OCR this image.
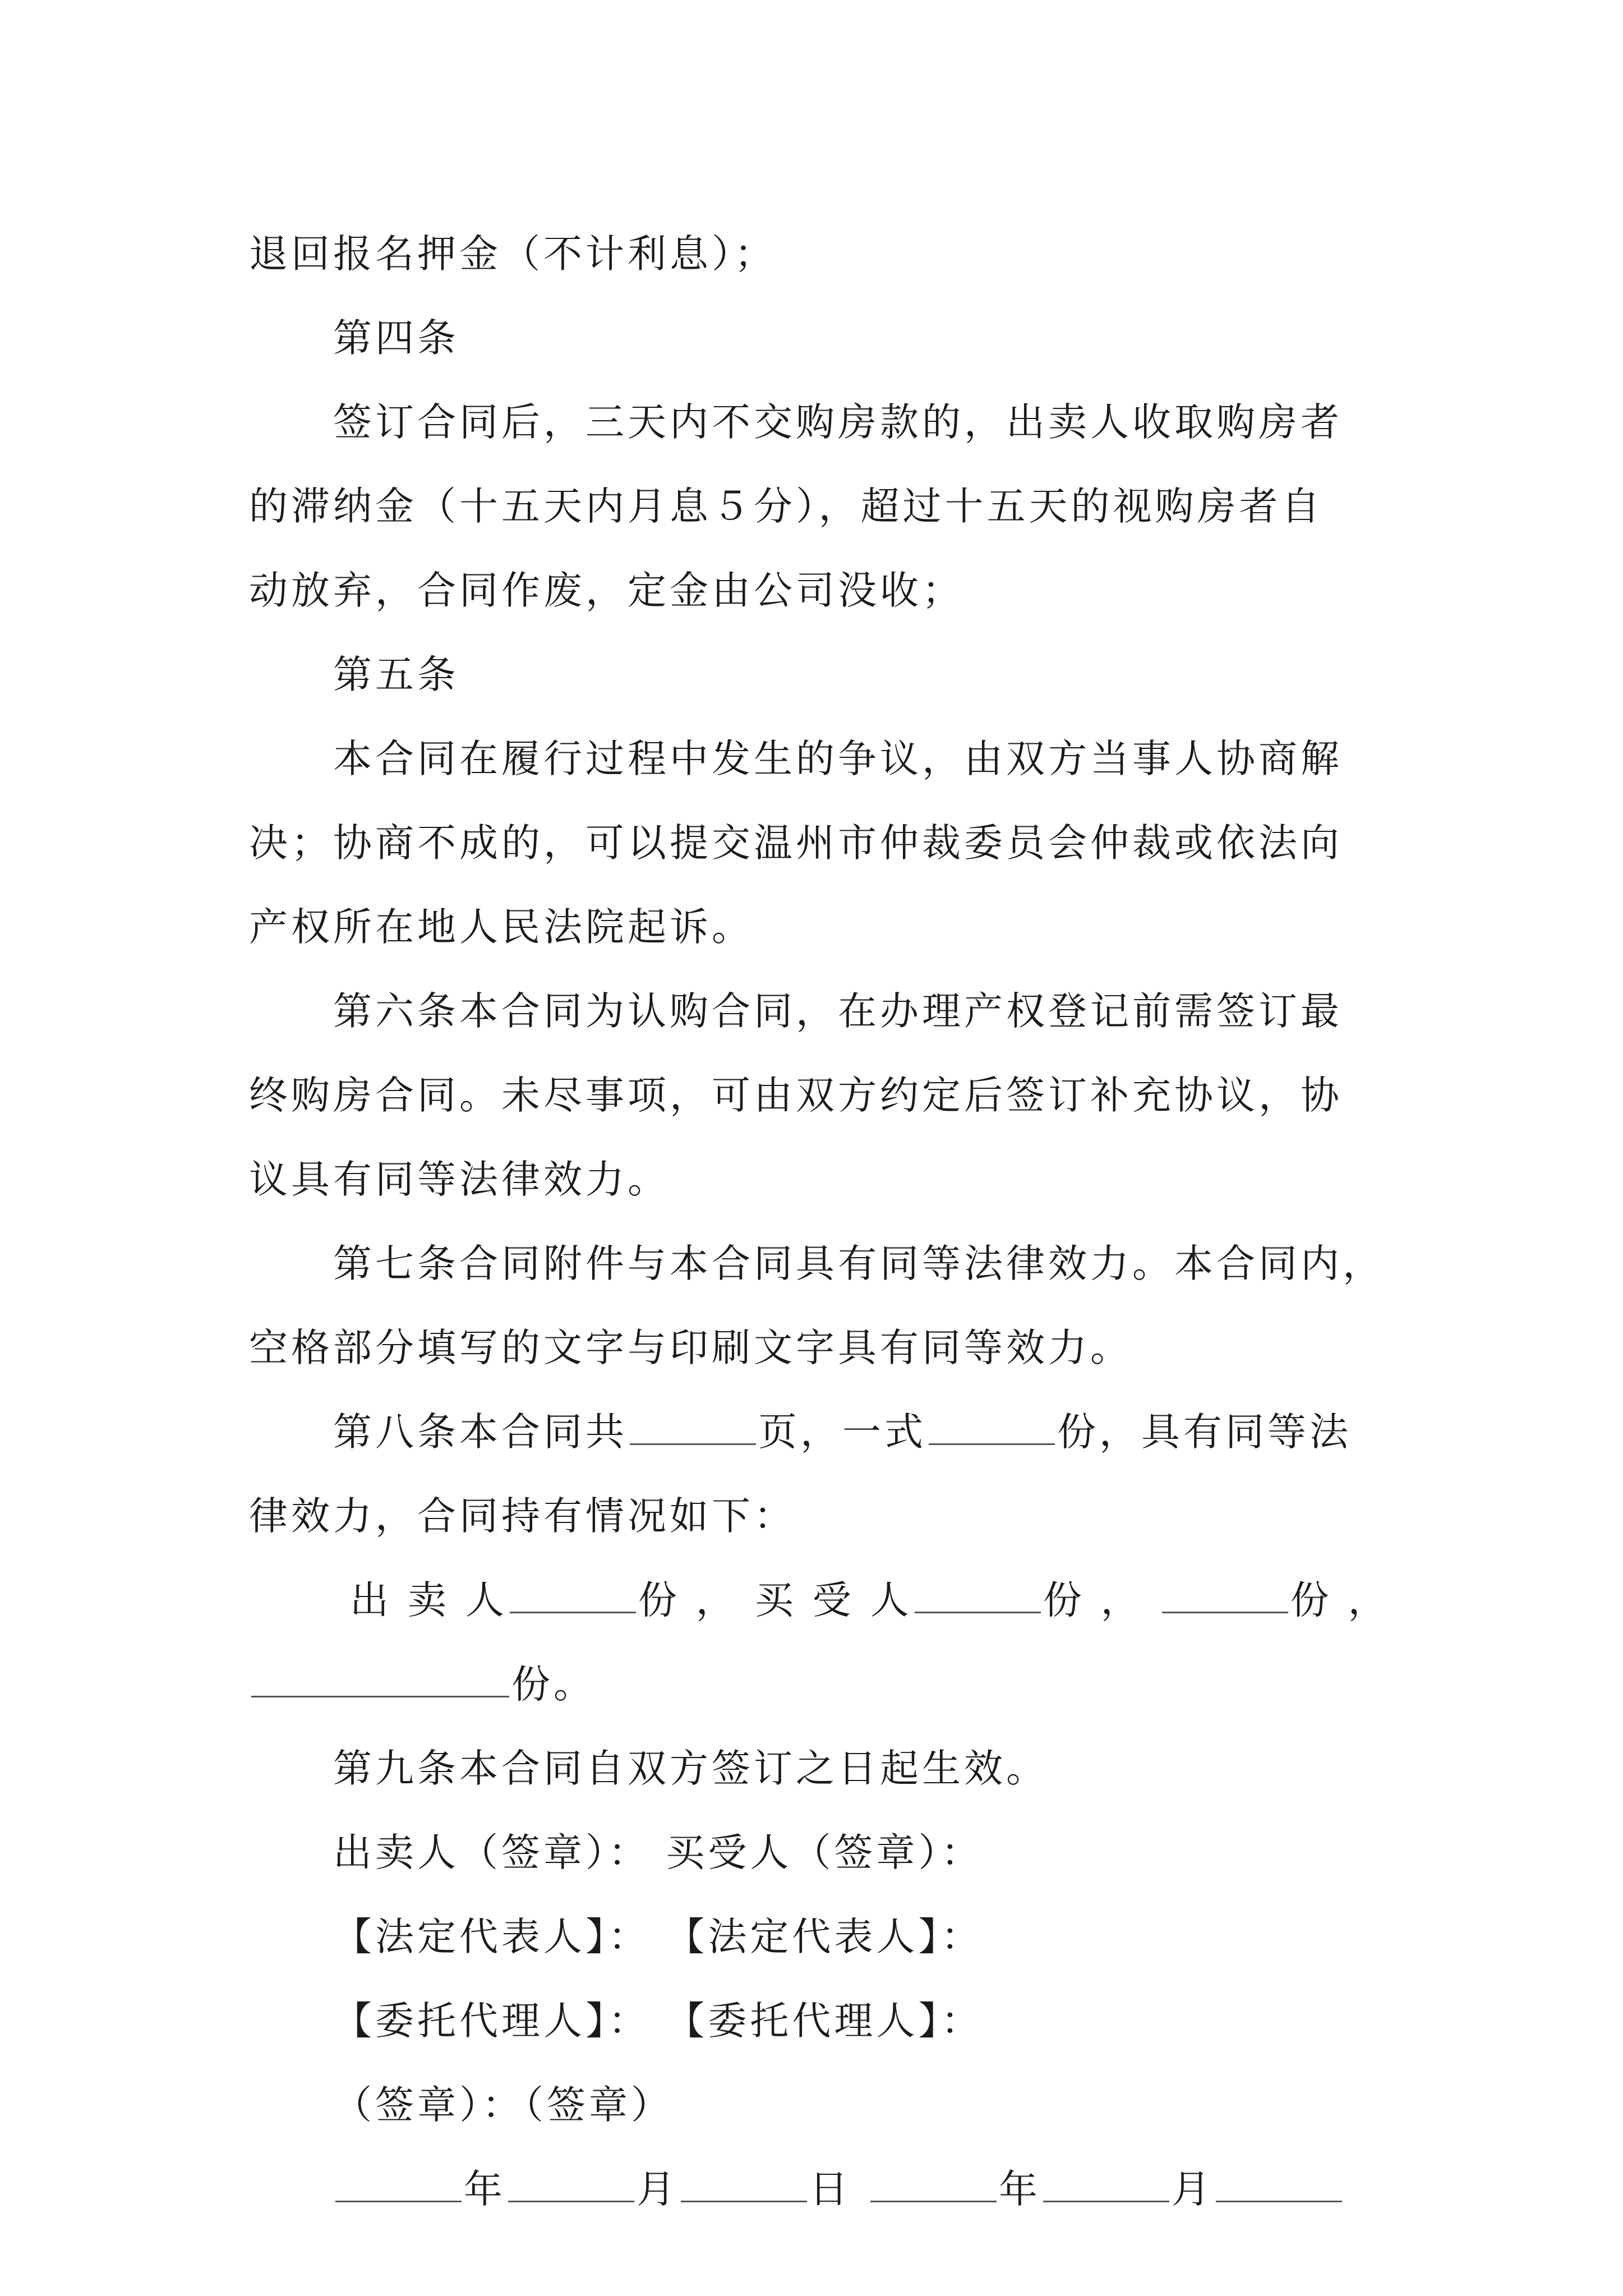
退回报名押金（不计利息）；
第四条
签订合同后，三天内不交购房款的，出卖人收取购房者
的滞纳金（十五天内月息５分），超过十五天的视购房者自
动放弃，合同作废，定金由公司没收；
第五条
本合同在履行过程中发生的争议，由双方当事人协商解
决；协商不成的，可以提交温州市仲裁委员会仲裁或依法向
产权所在地人民法院起诉。
第六条本合同为认购合同，在办理产权登记前需签订最
终购房合同。未尽事项，可由双方约定后签订补充协议，协
议具有同等法律效力。
第七条合同附件与本合同具有同等法律效力。本合同内，
空格部分填写的文字与印刷文字具有同等效力。
第八条本合同共	页，一式	份，具有同等法
律效力，合同持有情况如下：
出 卖 人	份 ， 买 受 人	份 ，	份 ，
份。
第九条本合同自双方签订之日起生效。
出卖人（签章）： 买受人（签章）：
【法定代表人】： 【法定代表人】：
【委托代理人】： 【委托代理人】：
（签章）：（签章）
年	月	日	年	月
